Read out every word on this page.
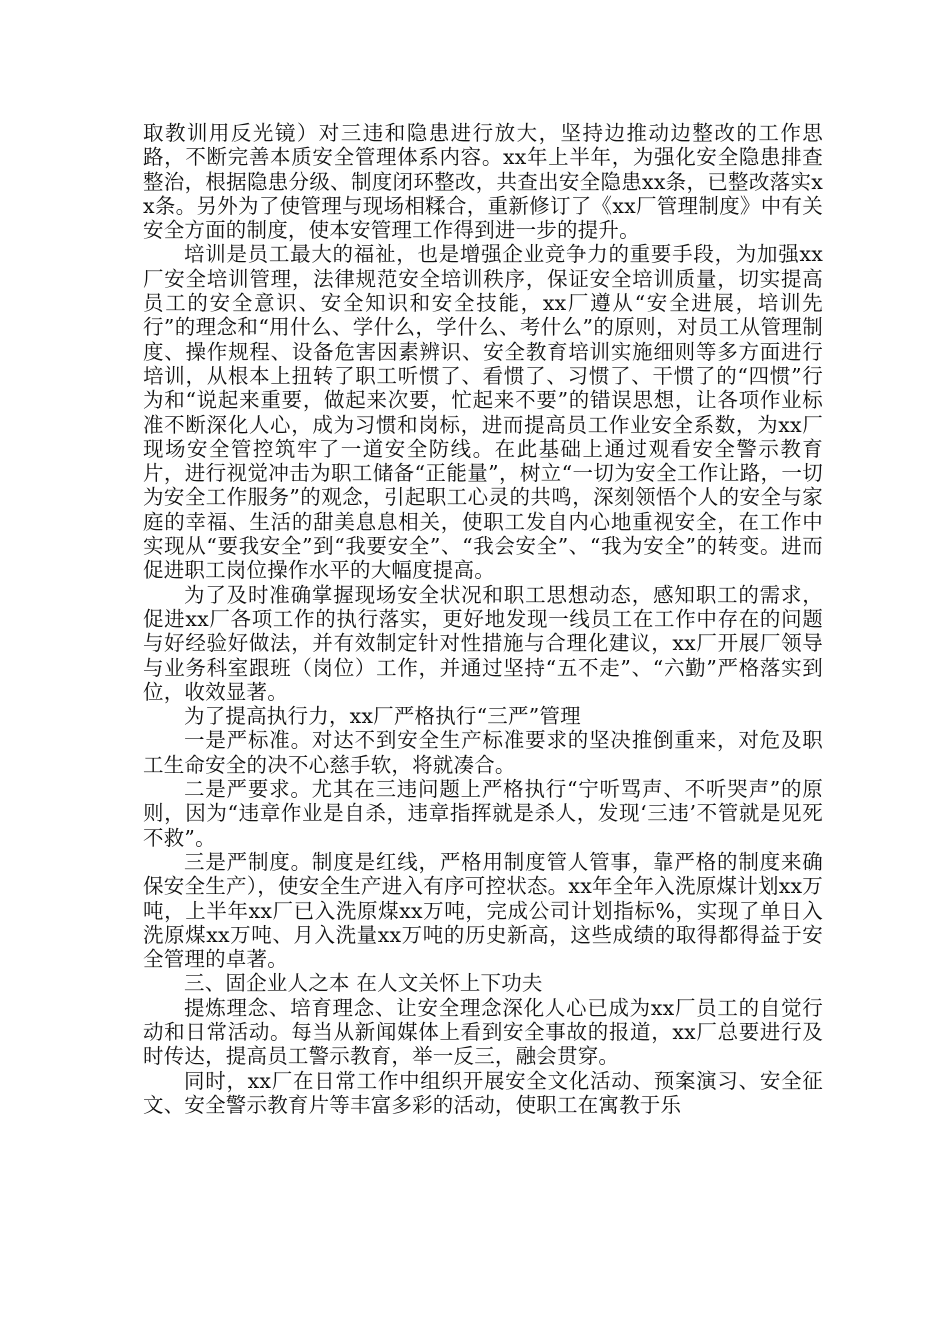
取教训用反光镜）对三违和隐患进行放大，坚持边推动边整改的工作思路，不断完善本质安全管理体系内容。xx年上半年，为强化安全隐患排查整治，根据隐患分级、制度闭环整改，共查出安全隐患xx条，已整改落实xx条。另外为了使管理与现场相糅合，重新修订了《xx厂管理制度》中有关安全方面的制度，使本安管理工作得到进一步的提升。

培训是员工最大的福祉，也是增强企业竞争力的重要手段，为加强xx厂安全培训管理，法律规范安全培训秩序，保证安全培训质量，切实提高员工的安全意识、安全知识和安全技能，xx厂遵从“安全进展，培训先行”的理念和“用什么、学什么，学什么、考什么”的原则，对员工从管理制度、操作规程、设备危害因素辨识、安全教育培训实施细则等多方面进行培训，从根本上扭转了职工听惯了、看惯了、习惯了、干惯了的“四惯”行为和“说起来重要，做起来次要，忙起来不要”的错误思想，让各项作业标准不断深化人心，成为习惯和岗标，进而提高员工作业安全系数，为xx厂现场安全管控筑牢了一道安全防线。在此基础上通过观看安全警示教育片，进行视觉冲击为职工储备“正能量”，树立“一切为安全工作让路，一切为安全工作服务”的观念，引起职工心灵的共鸣，深刻领悟个人的安全与家庭的幸福、生活的甜美息息相关，使职工发自内心地重视安全，在工作中实现从“要我安全”到“我要安全”、“我会安全”、“我为安全”的转变。进而促进职工岗位操作水平的大幅度提高。

为了及时准确掌握现场安全状况和职工思想动态，感知职工的需求，促进xx厂各项工作的执行落实，更好地发现一线员工在工作中存在的问题与好经验好做法，并有效制定针对性措施与合理化建议，xx厂开展厂领导与业务科室跟班（岗位）工作，并通过坚持“五不走”、“六勤”严格落实到位，收效显著。

为了提高执行力，xx厂严格执行“三严”管理

一是严标准。对达不到安全生产标准要求的坚决推倒重来，对危及职工生命安全的决不心慈手软，将就凑合。

二是严要求。尤其在三违问题上严格执行“宁听骂声、不听哭声”的原则，因为“违章作业是自杀，违章指挥就是杀人，发现‘三违’不管就是见死不救”。

三是严制度。制度是红线，严格用制度管人管事，靠严格的制度来确保安全生产），使安全生产进入有序可控状态。xx年全年入洗原煤计划xx万吨，上半年xx厂已入洗原煤xx万吨，完成公司计划指标%，实现了单日入洗原煤xx万吨、月入洗量xx万吨的历史新高，这些成绩的取得都得益于安全管理的卓著。

三、固企业人之本 在人文关怀上下功夫

提炼理念、培育理念、让安全理念深化人心已成为xx厂员工的自觉行动和日常活动。每当从新闻媒体上看到安全事故的报道，xx厂总要进行及时传达，提高员工警示教育，举一反三，融会贯穿。

同时，xx厂在日常工作中组织开展安全文化活动、预案演习、安全征文、安全警示教育片等丰富多彩的活动，使职工在寓教于乐
